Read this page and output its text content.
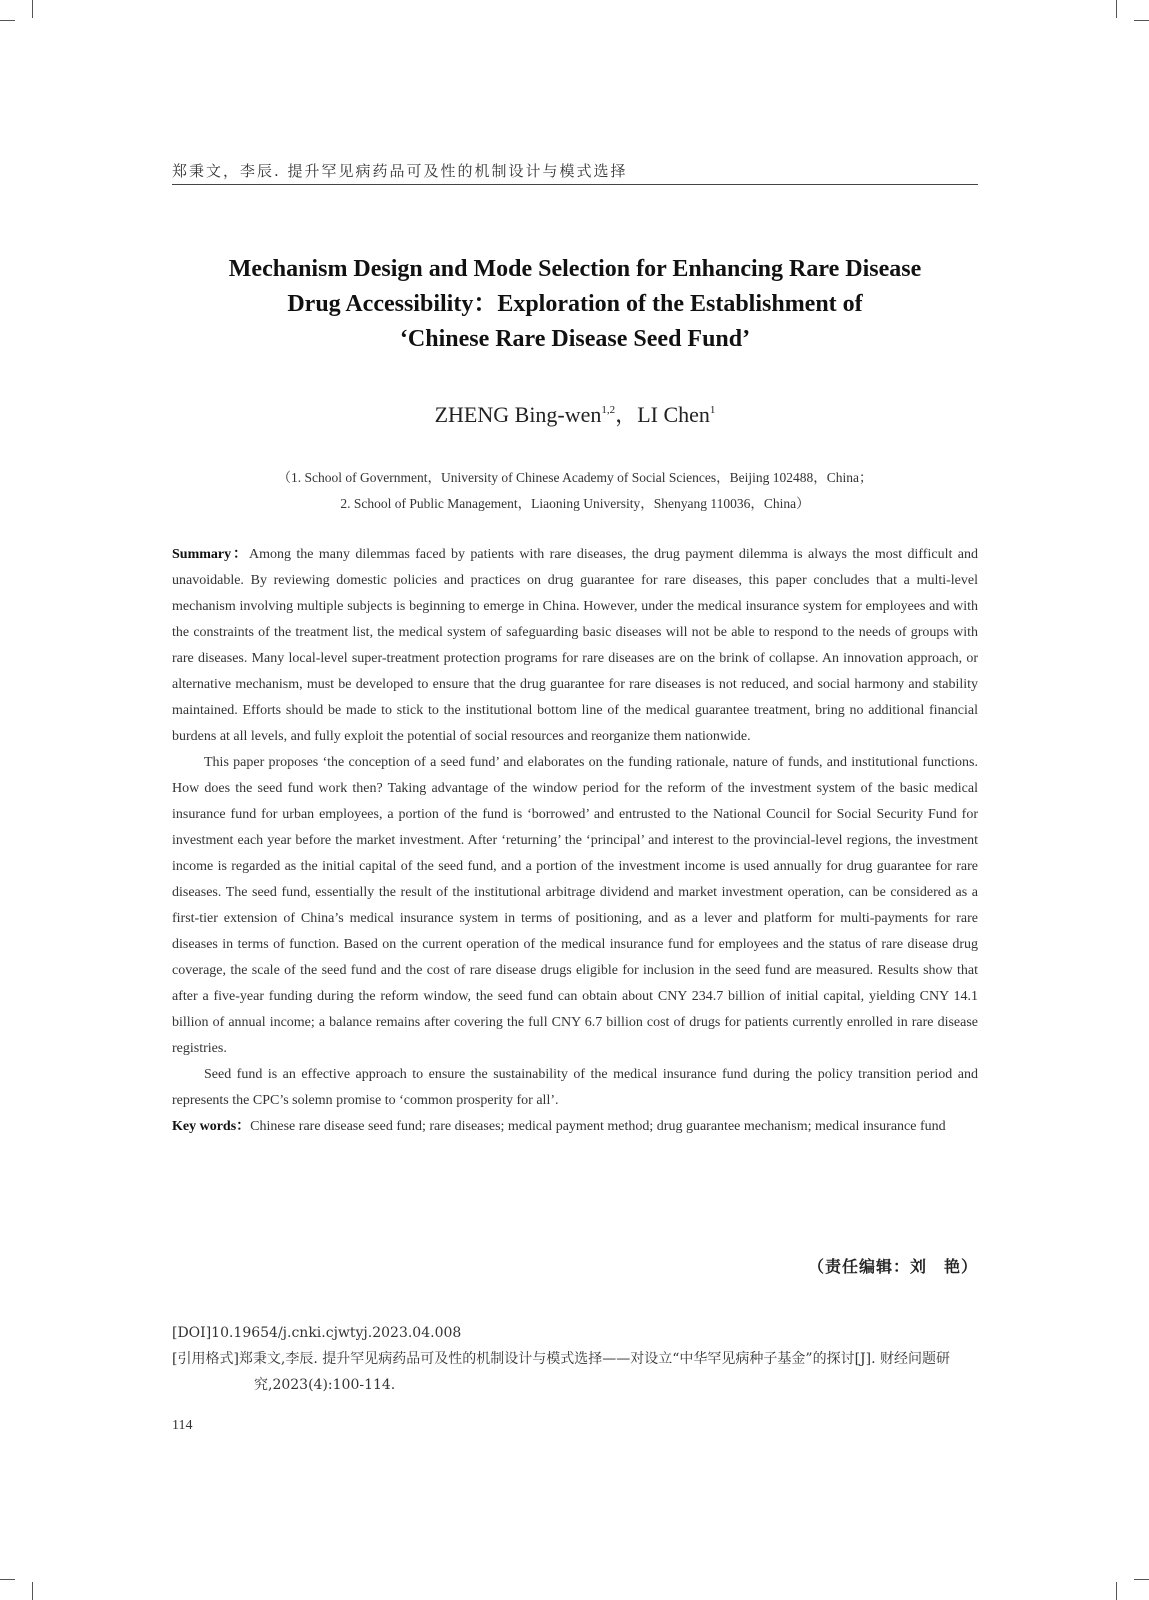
郑秉文，李辰. 提升罕见病药品可及性的机制设计与模式选择
Mechanism Design and Mode Selection for Enhancing Rare Disease
Drug Accessibility：Exploration of the Establishment of
‘Chinese Rare Disease Seed Fund’
ZHENG Bing-wen$^{1,2}$，LI Chen$^1$
（1. School of Government，University of Chinese Academy of Social Sciences，Beijing 102488，China；
2. School of Public Management，Liaoning University，Shenyang 110036，China）

Summary：Among the many dilemmas faced by patients with rare diseases, the drug payment dilemma is always the most difficult and unavoidable. By reviewing domestic policies and practices on drug guarantee for rare diseases, this paper concludes that a multi-level mechanism involving multiple subjects is beginning to emerge in China. However, under the medical insurance system for employees and with the constraints of the treatment list, the medical system of safeguarding basic diseases will not be able to respond to the needs of groups with rare diseases. Many local-level super-treatment protection programs for rare diseases are on the brink of collapse. An innovation approach, or alternative mechanism, must be developed to ensure that the drug guarantee for rare diseases is not reduced, and social harmony and stability maintained. Efforts should be made to stick to the institutional bottom line of the medical guarantee treatment, bring no additional financial burdens at all levels, and fully exploit the potential of social resources and reorganize them nationwide.

This paper proposes ‘the conception of a seed fund’ and elaborates on the funding rationale, nature of funds, and institutional functions. How does the seed fund work then? Taking advantage of the window period for the reform of the investment system of the basic medical insurance fund for urban employees, a portion of the fund is ‘borrowed’ and entrusted to the National Council for Social Security Fund for investment each year before the market investment. After ‘returning’ the ‘principal’ and interest to the provincial-level regions, the investment income is regarded as the initial capital of the seed fund, and a portion of the investment income is used annually for drug guarantee for rare diseases. The seed fund, essentially the result of the institutional arbitrage dividend and market investment operation, can be considered as a first-tier extension of China’s medical insurance system in terms of positioning, and as a lever and platform for multi-payments for rare diseases in terms of function. Based on the current operation of the medical insurance fund for employees and the status of rare disease drug coverage, the scale of the seed fund and the cost of rare disease drugs eligible for inclusion in the seed fund are measured. Results show that after a five-year funding during the reform window, the seed fund can obtain about CNY 234.7 billion of initial capital, yielding CNY 14.1 billion of annual income; a balance remains after covering the full CNY 6.7 billion cost of drugs for patients currently enrolled in rare disease registries.

Seed fund is an effective approach to ensure the sustainability of the medical insurance fund during the policy transition period and represents the CPC’s solemn promise to ‘common prosperity for all’.

Key words：Chinese rare disease seed fund; rare diseases; medical payment method; drug guarantee mechanism; medical insurance fund

（责任编辑：刘　艳）
[DOI]10.19654/j.cnki.cjwtyj.2023.04.008
[引用格式]郑秉文,李辰. 提升罕见病药品可及性的机制设计与模式选择——对设立“中华罕见病种子基金”的探讨[J]. 财经问题研究,2023(4):100-114.
114
